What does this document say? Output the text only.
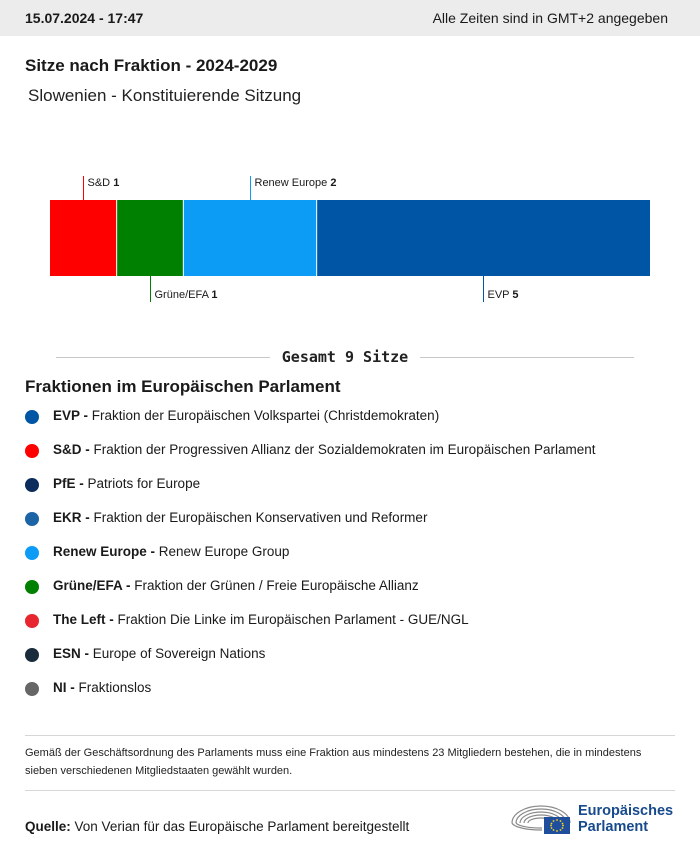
15.07.2024 - 17:47	Alle Zeiten sind in GMT+2 angegeben
Sitze nach Fraktion - 2024-2029
Slowenien - Konstituierende Sitzung
S&D 1
Grüne/EFA 1
Renew Europe 2
EVP 5
Gesamt 9 Sitze
Fraktionen im Europäischen Parlament
EVP - Fraktion der Europäischen Volkspartei (Christdemokraten)
S&D - Fraktion der Progressiven Allianz der Sozialdemokraten im Europäischen Parlament
PfE - Patriots for Europe
EKR - Fraktion der Europäischen Konservativen und Reformer
Renew Europe - Renew Europe Group
Grüne/EFA - Fraktion der Grünen / Freie Europäische Allianz
The Left - Fraktion Die Linke im Europäischen Parlament - GUE/NGL
ESN - Europe of Sovereign Nations
NI - Fraktionslos
Gemäß der Geschäftsordnung des Parlaments muss eine Fraktion aus mindestens 23 Mitgliedern bestehen, die in mindestens sieben verschiedenen Mitgliedstaaten gewählt wurden.
Quelle: Von Verian für das Europäische Parlament bereitgestellt
Europäisches
Parlament
